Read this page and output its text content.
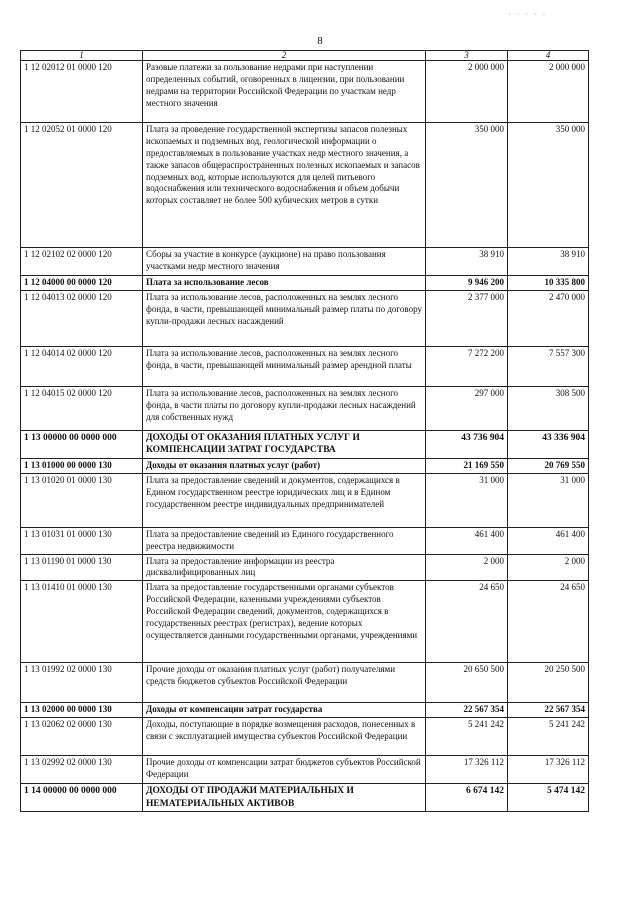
· · · · ·
8
1	2	3	4
1 12 02012 01 0000 120	Разовые платежи за пользование недрами при наступлении определенных событий, оговоренных в лицензии, при пользовании недрами на территории Российской Федерации по участкам недр местного значения	2 000 000	2 000 000
1 12 02052 01 0000 120	Плата за проведение государственной экспертизы запасов полезных ископаемых и подземных вод, геологической информации о предоставляемых в пользование участках недр местного значения, а также запасов общераспространенных полезных ископаемых и запасов подземных вод, которые используются для целей питьевого водоснабжения или технического водоснабжения и объем добычи которых составляет не более 500 кубических метров в сутки	350 000	350 000
1 12 02102 02 0000 120	Сборы за участие в конкурсе (аукционе) на право пользования участками недр местного значения	38 910	38 910
1 12 04000 00 0000 120	Плата за использование лесов	9 946 200	10 335 800
1 12 04013 02 0000 120	Плата за использование лесов, расположенных на землях лесного фонда, в части, превышающей минимальный размер платы по договору купли-продажи лесных насаждений	2 377 000	2 470 000
1 12 04014 02 0000 120	Плата за использование лесов, расположенных на землях лесного фонда, в части, превышающей минимальный размер арендной платы	7 272 200	7 557 300
1 12 04015 02 0000 120	Плата за использование лесов, расположенных на землях лесного фонда, в части платы по договору купли-продажи лесных насаждений для собственных нужд	297 000	308 500
1 13 00000 00 0000 000	ДОХОДЫ ОТ ОКАЗАНИЯ ПЛАТНЫХ УСЛУГ И КОМПЕНСАЦИИ ЗАТРАТ ГОСУДАРСТВА	43 736 904	43 336 904
1 13 01000 00 0000 130	Доходы от оказания платных услуг (работ)	21 169 550	20 769 550
1 13 01020 01 0000 130	Плата за предоставление сведений и документов, содержащихся в Едином государственном реестре юридических лиц и в Едином государственном реестре индивидуальных предпринимателей	31 000	31 000
1 13 01031 01 0000 130	Плата за предоставление сведений из Единого государственного реестра недвижимости	461 400	461 400
1 13 01190 01 0000 130	Плата за предоставление информации из реестра дисквалифицированных лиц	2 000	2 000
1 13 01410 01 0000 130	Плата за предоставление государственными органами субъектов Российской Федерации, казенными учреждениями субъектов Российской Федерации сведений, документов, содержащихся в государственных реестрах (регистрах), ведение которых осуществляется данными государственными органами, учреждениями	24 650	24 650
1 13 01992 02 0000 130	Прочие доходы от оказания платных услуг (работ) получателями средств бюджетов субъектов Российской Федерации	20 650 500	20 250 500
1 13 02000 00 0000 130	Доходы от компенсации затрат государства	22 567 354	22 567 354
1 13 02062 02 0000 130	Доходы, поступающие в порядке возмещения расходов, понесенных в связи с эксплуатацией имущества субъектов Российской Федерации	5 241 242	5 241 242
1 13 02992 02 0000 130	Прочие доходы от компенсации затрат бюджетов субъектов Российской Федерации	17 326 112	17 326 112
1 14 00000 00 0000 000	ДОХОДЫ ОТ ПРОДАЖИ МАТЕРИАЛЬНЫХ И НЕМАТЕРИАЛЬНЫХ АКТИВОВ	6 674 142	5 474 142
